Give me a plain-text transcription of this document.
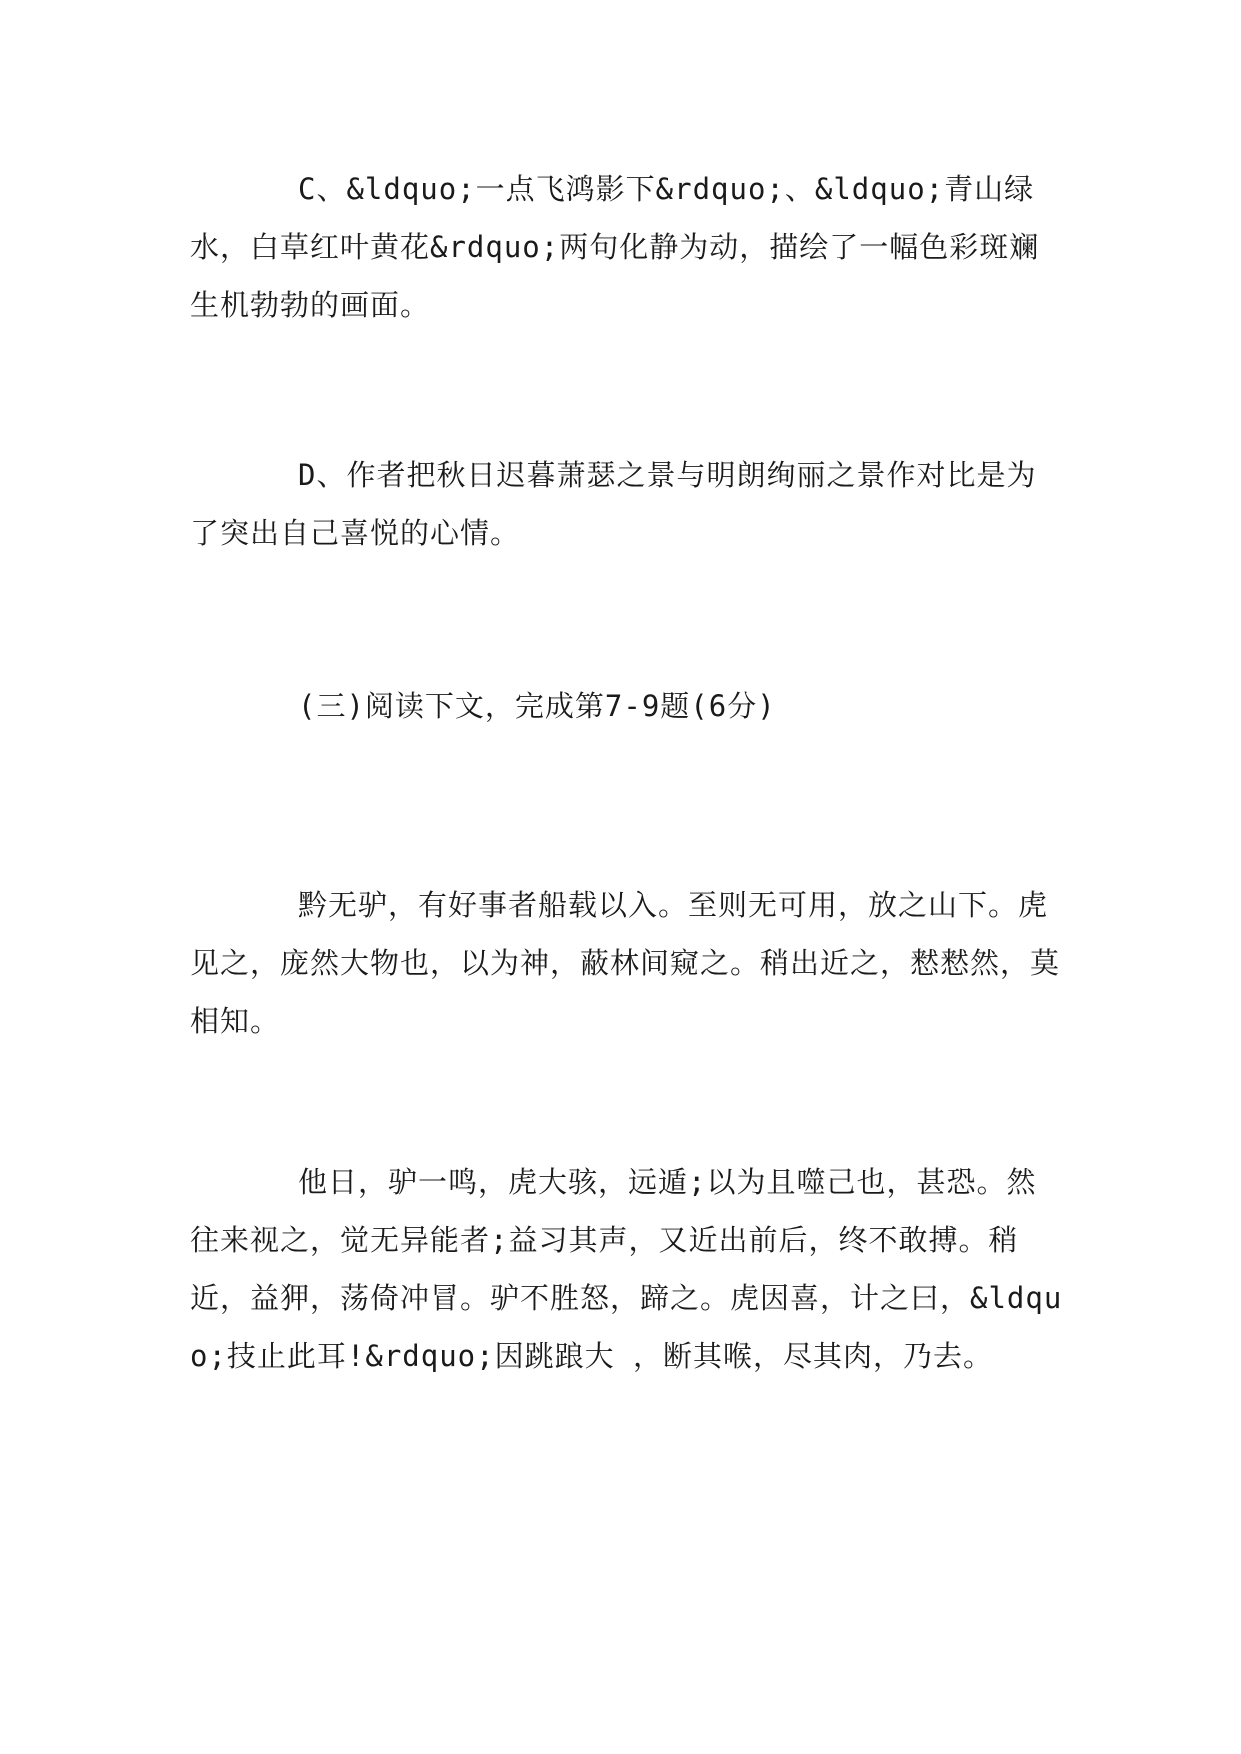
C、&ldquo;一点飞鸿影下&rdquo;、&ldquo;青山绿水，白草红叶黄花&rdquo;两句化静为动，描绘了一幅色彩斑斓生机勃勃的画面。

D、作者把秋日迟暮萧瑟之景与明朗绚丽之景作对比是为了突出自己喜悦的心情。

(三)阅读下文，完成第7-9题(6分)

黔无驴，有好事者船载以入。至则无可用，放之山下。虎见之，庞然大物也，以为神，蔽林间窥之。稍出近之，慭慭然，莫相知。

他日，驴一鸣，虎大骇，远遁;以为且噬己也，甚恐。然往来视之，觉无异能者;益习其声，又近出前后，终不敢搏。稍近，益狎，荡倚冲冒。驴不胜怒，蹄之。虎因喜，计之曰，&ldquo;技止此耳!&rdquo;因跳踉大 ，断其喉，尽其肉，乃去。
